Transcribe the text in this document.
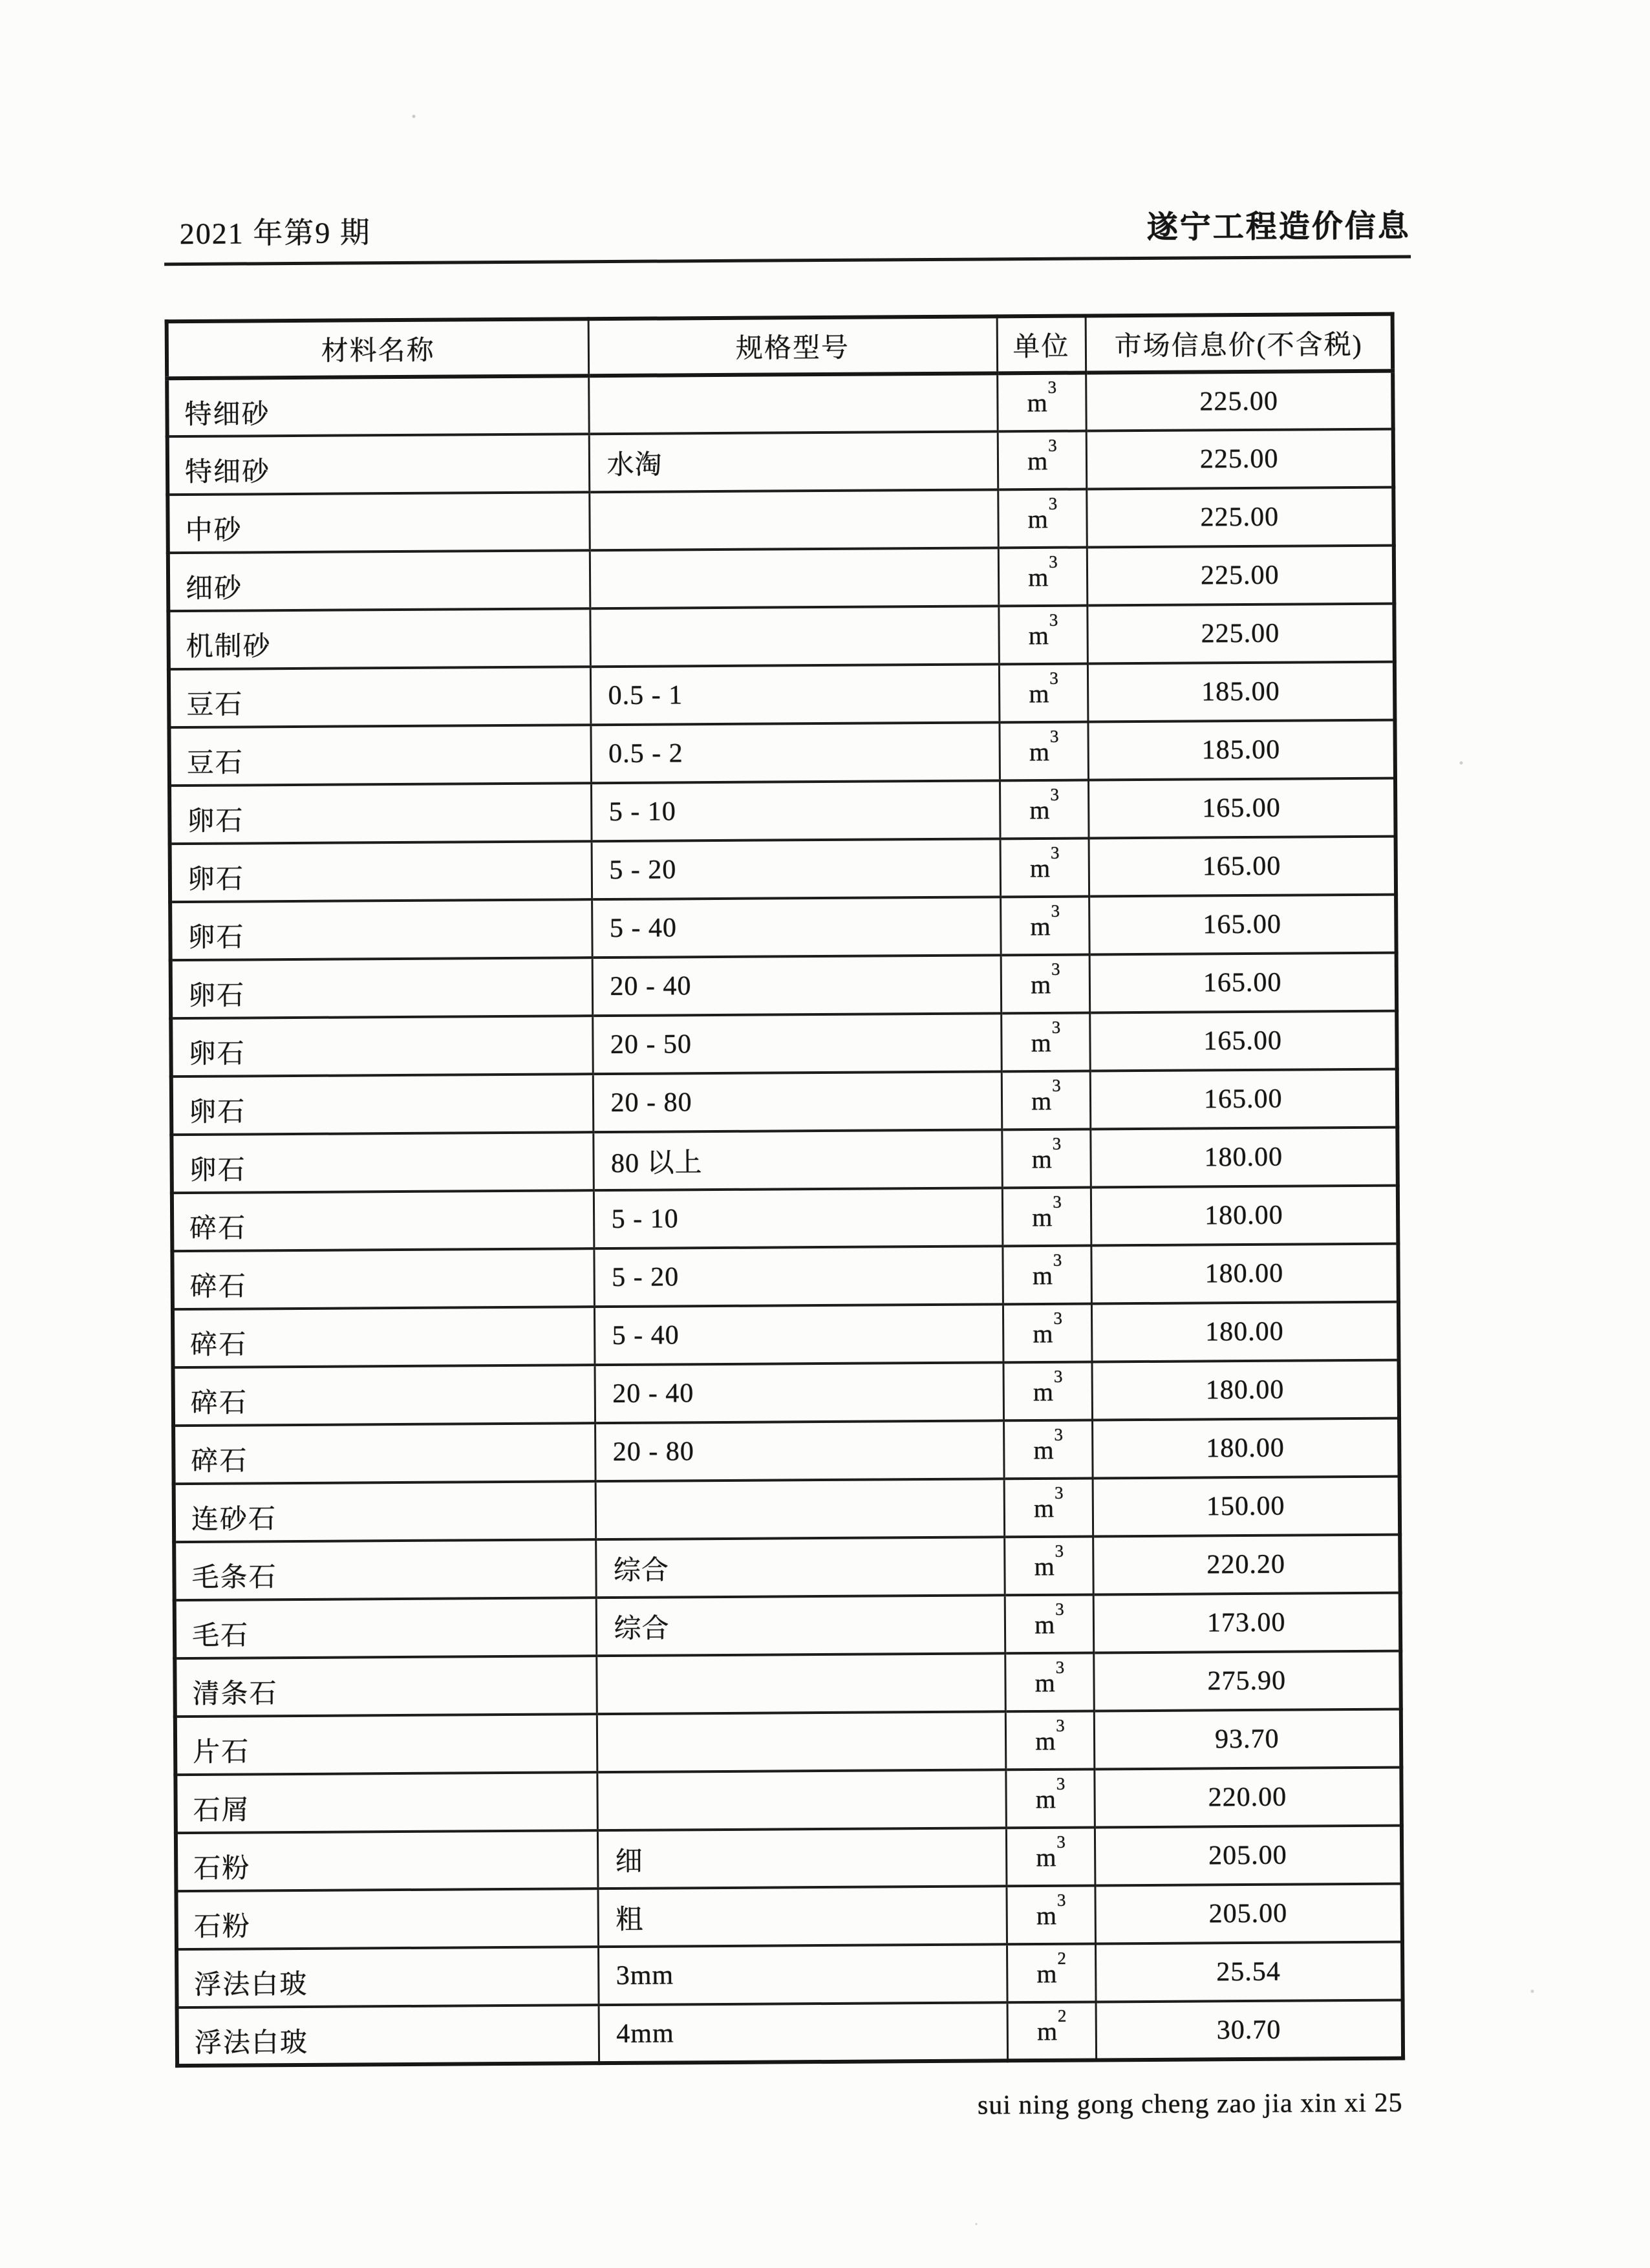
2021 年第9 期	遂宁工程造价信息
材料名称	规格型号	单位	市场信息价(不含税)
特细砂		$m^3$	225.00
特细砂	水淘	$m^3$	225.00
中砂		$m^3$	225.00
细砂		$m^3$	225.00
机制砂		$m^3$	225.00
豆石	0.5 - 1	$m^3$	185.00
豆石	0.5 - 2	$m^3$	185.00
卵石	5 - 10	$m^3$	165.00
卵石	5 - 20	$m^3$	165.00
卵石	5 - 40	$m^3$	165.00
卵石	20 - 40	$m^3$	165.00
卵石	20 - 50	$m^3$	165.00
卵石	20 - 80	$m^3$	165.00
卵石	80 以上	$m^3$	180.00
碎石	5 - 10	$m^3$	180.00
碎石	5 - 20	$m^3$	180.00
碎石	5 - 40	$m^3$	180.00
碎石	20 - 40	$m^3$	180.00
碎石	20 - 80	$m^3$	180.00
连砂石		$m^3$	150.00
毛条石	综合	$m^3$	220.20
毛石	综合	$m^3$	173.00
清条石		$m^3$	275.90
片石		$m^3$	93.70
石屑		$m^3$	220.00
石粉	细	$m^3$	205.00
石粉	粗	$m^3$	205.00
浮法白玻	3mm	$m^2$	25.54
浮法白玻	4mm	$m^2$	30.70
sui ning gong cheng zao jia xin xi 25
